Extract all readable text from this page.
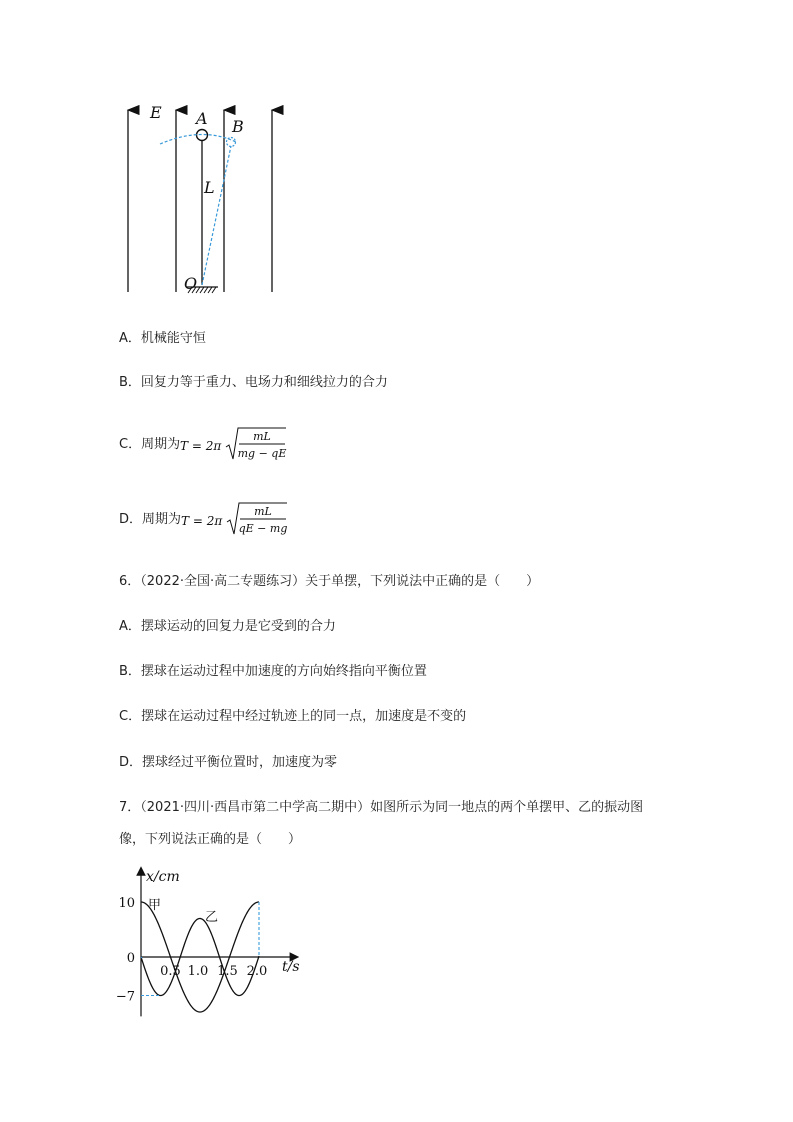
E A B
L
O
A．机械能守恒
B．回复力等于重力、电场力和细线拉力的合力
C．周期为 T = 2π
mL
mg − qE
D．周期为 T = 2π
mL
qE − mg
6．（2022·全国·高二专题练习）关于单摆，下列说法中正确的是（　　）
A．摆球运动的回复力是它受到的合力
B．摆球在运动过程中加速度的方向始终指向平衡位置
C．摆球在运动过程中经过轨迹上的同一点，加速度是不变的
D．摆球经过平衡位置时，加速度为零
7．（2021·四川·西昌市第二中学高二期中）如图所示为同一地点的两个单摆甲、乙的振动图
像，下列说法正确的是（　　）
0.5 1.0 1.5 2.0
10
0
−7
x/cm
t/s
甲
乙
